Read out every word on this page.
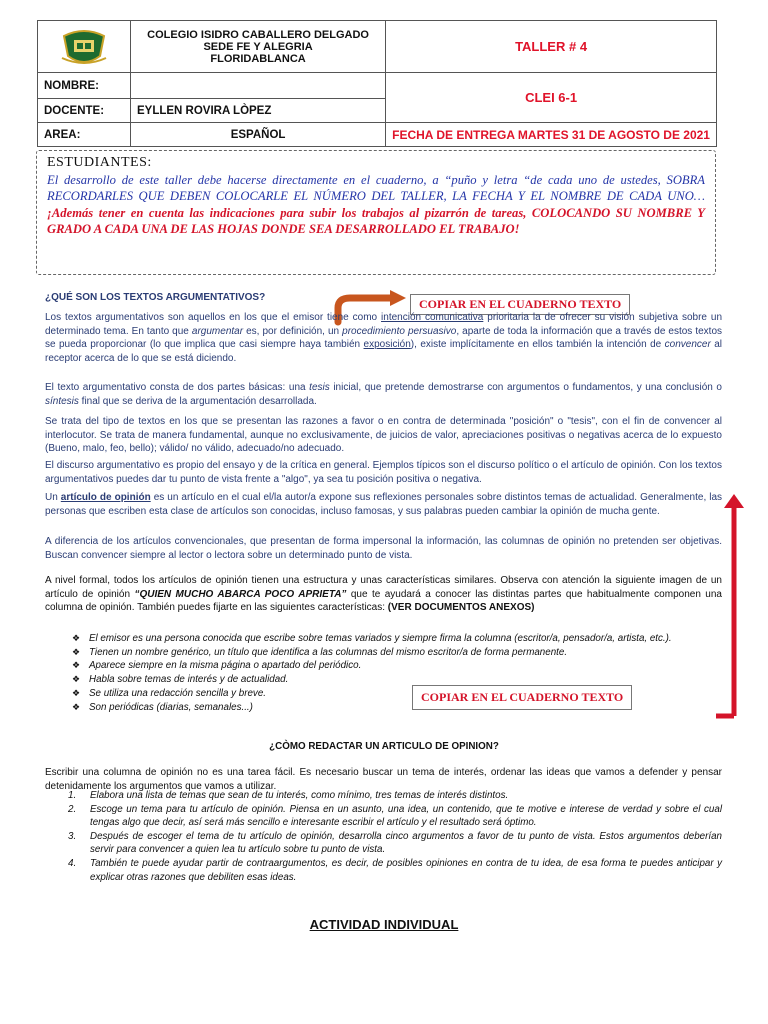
COLEGIO ISIDRO CABALLERO DELGADO
SEDE FE Y ALEGRIA
FLORIDABLANCA	TALLER # 4
NOMBRE:		CLEI 6-1
DOCENTE:	EYLLEN ROVIRA LÒPEZ	
AREA:	ESPAÑOL	FECHA DE ENTREGA MARTES 31 DE AGOSTO DE 2021
ESTUDIANTES:
El desarrollo de este taller debe hacerse directamente en el cuaderno, a “puño y letra “de cada uno de ustedes, SOBRA RECORDARLES QUE DEBEN COLOCARLE EL NÚMERO DEL TALLER, LA FECHA Y EL NOMBRE DE CADA UNO… ¡Además tener en cuenta las indicaciones para subir los trabajos al pizarrón de tareas, COLOCANDO SU NOMBRE Y GRADO A CADA UNA DE LAS HOJAS DONDE SEA DESARROLLADO EL TRABAJO!
¿QUÉ SON LOS TEXTOS ARGUMENTATIVOS?	COPIAR EN EL CUADERNO TEXTO

Los textos argumentativos son aquellos en los que el emisor tiene como intención comunicativa prioritaria la de ofrecer su visión subjetiva sobre un determinado tema. En tanto que argumentar es, por definición, un procedimiento persuasivo, aparte de toda la información que a través de estos textos se pueda proporcionar (lo que implica que casi siempre haya también exposición), existe implícitamente en ellos también la intención de convencer al receptor acerca de lo que se está diciendo.

El texto argumentativo consta de dos partes básicas: una tesis inicial, que pretende demostrarse con argumentos o fundamentos, y una conclusión o síntesis final que se deriva de la argumentación desarrollada.

Se trata del tipo de textos en los que se presentan las razones a favor o en contra de determinada "posición" o "tesis", con el fin de convencer al interlocutor. Se trata de manera fundamental, aunque no exclusivamente, de juicios de valor, apreciaciones positivas o negativas acerca de lo expuesto (Bueno, malo, feo, bello); válido/ no válido, adecuado/no adecuado.

El discurso argumentativo es propio del ensayo y de la crítica en general. Ejemplos típicos son el discurso político o el artículo de opinión. Con los textos argumentativos puedes dar tu punto de vista frente a "algo", ya sea tu posición positiva o negativa.

Un artículo de opinión es un artículo en el cual el/la autor/a expone sus reflexiones personales sobre distintos temas de actualidad. Generalmente, las personas que escriben esta clase de artículos son conocidas, incluso famosas, y sus palabras pueden cambiar la opinión de mucha gente.

A diferencia de los artículos convencionales, que presentan de forma impersonal la información, las columnas de opinión no pretenden ser objetivas. Buscan convencer siempre al lector o lectora sobre un determinado punto de vista.

A nivel formal, todos los artículos de opinión tienen una estructura y unas características similares. Observa con atención la siguiente imagen de un artículo de opinión “QUIEN MUCHO ABARCA POCO APRIETA” que te ayudará a conocer las distintas partes que habitualmente componen una columna de opinión. También puedes fijarte en las siguientes características: (VER DOCUMENTOS ANEXOS)

❖ El emisor es una persona conocida que escribe sobre temas variados y siempre firma la columna (escritor/a, pensador/a, artista, etc.).
❖ Tienen un nombre genérico, un título que identifica a las columnas del mismo escritor/a de forma permanente.
❖ Aparece siempre en la misma página o apartado del periódico.
❖ Habla sobre temas de interés y de actualidad.
❖ Se utiliza una redacción sencilla y breve.
❖ Son periódicas (diarias, semanales...)
COPIAR EN EL CUADERNO TEXTO
¿CÒMO REDACTAR UN ARTICULO DE OPINION?

Escribir una columna de opinión no es una tarea fácil. Es necesario buscar un tema de interés, ordenar las ideas que vamos a defender y pensar detenidamente los argumentos que vamos a utilizar.

1. Elabora una lista de temas que sean de tu interés, como mínimo, tres temas de interés distintos.
2. Escoge un tema para tu artículo de opinión. Piensa en un asunto, una idea, un contenido, que te motive e interese de verdad y sobre el cual tengas algo que decir, así será más sencillo e interesante escribir el artículo y el resultado será óptimo.
3. Después de escoger el tema de tu artículo de opinión, desarrolla cinco argumentos a favor de tu punto de vista. Estos argumentos deberían servir para convencer a quien lea tu artículo sobre tu punto de vista.
4. También te puede ayudar partir de contraargumentos, es decir, de posibles opiniones en contra de tu idea, de esa forma te puedes anticipar y explicar otras razones que debiliten esas ideas.
ACTIVIDAD INDIVIDUAL
